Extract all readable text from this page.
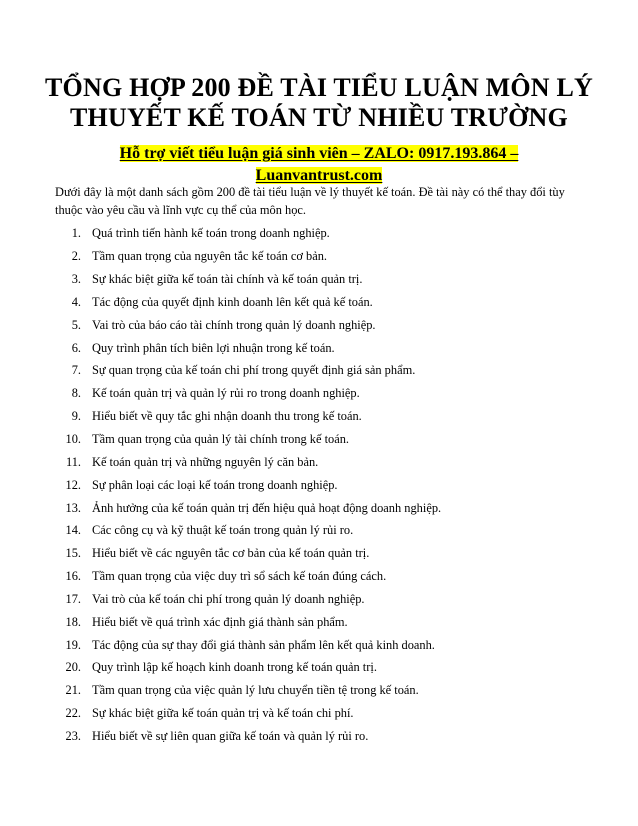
TỔNG HỢP 200 ĐỀ TÀI TIỂU LUẬN MÔN LÝ THUYẾT KẾ TOÁN TỪ NHIỀU TRƯỜNG

Hỗ trợ viết tiểu luận giá sinh viên – ZALO: 0917.193.864 – Luanvantrust.com

Dưới đây là một danh sách gồm 200 đề tài tiểu luận về lý thuyết kế toán. Đề tài này có thể thay đổi tùy thuộc vào yêu cầu và lĩnh vực cụ thể của môn học.

1. Quá trình tiến hành kế toán trong doanh nghiệp.
2. Tầm quan trọng của nguyên tắc kế toán cơ bản.
3. Sự khác biệt giữa kế toán tài chính và kế toán quản trị.
4. Tác động của quyết định kinh doanh lên kết quả kế toán.
5. Vai trò của báo cáo tài chính trong quản lý doanh nghiệp.
6. Quy trình phân tích biên lợi nhuận trong kế toán.
7. Sự quan trọng của kế toán chi phí trong quyết định giá sản phẩm.
8. Kế toán quản trị và quản lý rủi ro trong doanh nghiệp.
9. Hiểu biết về quy tắc ghi nhận doanh thu trong kế toán.
10. Tầm quan trọng của quản lý tài chính trong kế toán.
11. Kế toán quản trị và những nguyên lý căn bản.
12. Sự phân loại các loại kế toán trong doanh nghiệp.
13. Ảnh hưởng của kế toán quản trị đến hiệu quả hoạt động doanh nghiệp.
14. Các công cụ và kỹ thuật kế toán trong quản lý rủi ro.
15. Hiểu biết về các nguyên tắc cơ bản của kế toán quản trị.
16. Tầm quan trọng của việc duy trì sổ sách kế toán đúng cách.
17. Vai trò của kế toán chi phí trong quản lý doanh nghiệp.
18. Hiểu biết về quá trình xác định giá thành sản phẩm.
19. Tác động của sự thay đổi giá thành sản phẩm lên kết quả kinh doanh.
20. Quy trình lập kế hoạch kinh doanh trong kế toán quản trị.
21. Tầm quan trọng của việc quản lý lưu chuyển tiền tệ trong kế toán.
22. Sự khác biệt giữa kế toán quản trị và kế toán chi phí.
23. Hiểu biết về sự liên quan giữa kế toán và quản lý rủi ro.
